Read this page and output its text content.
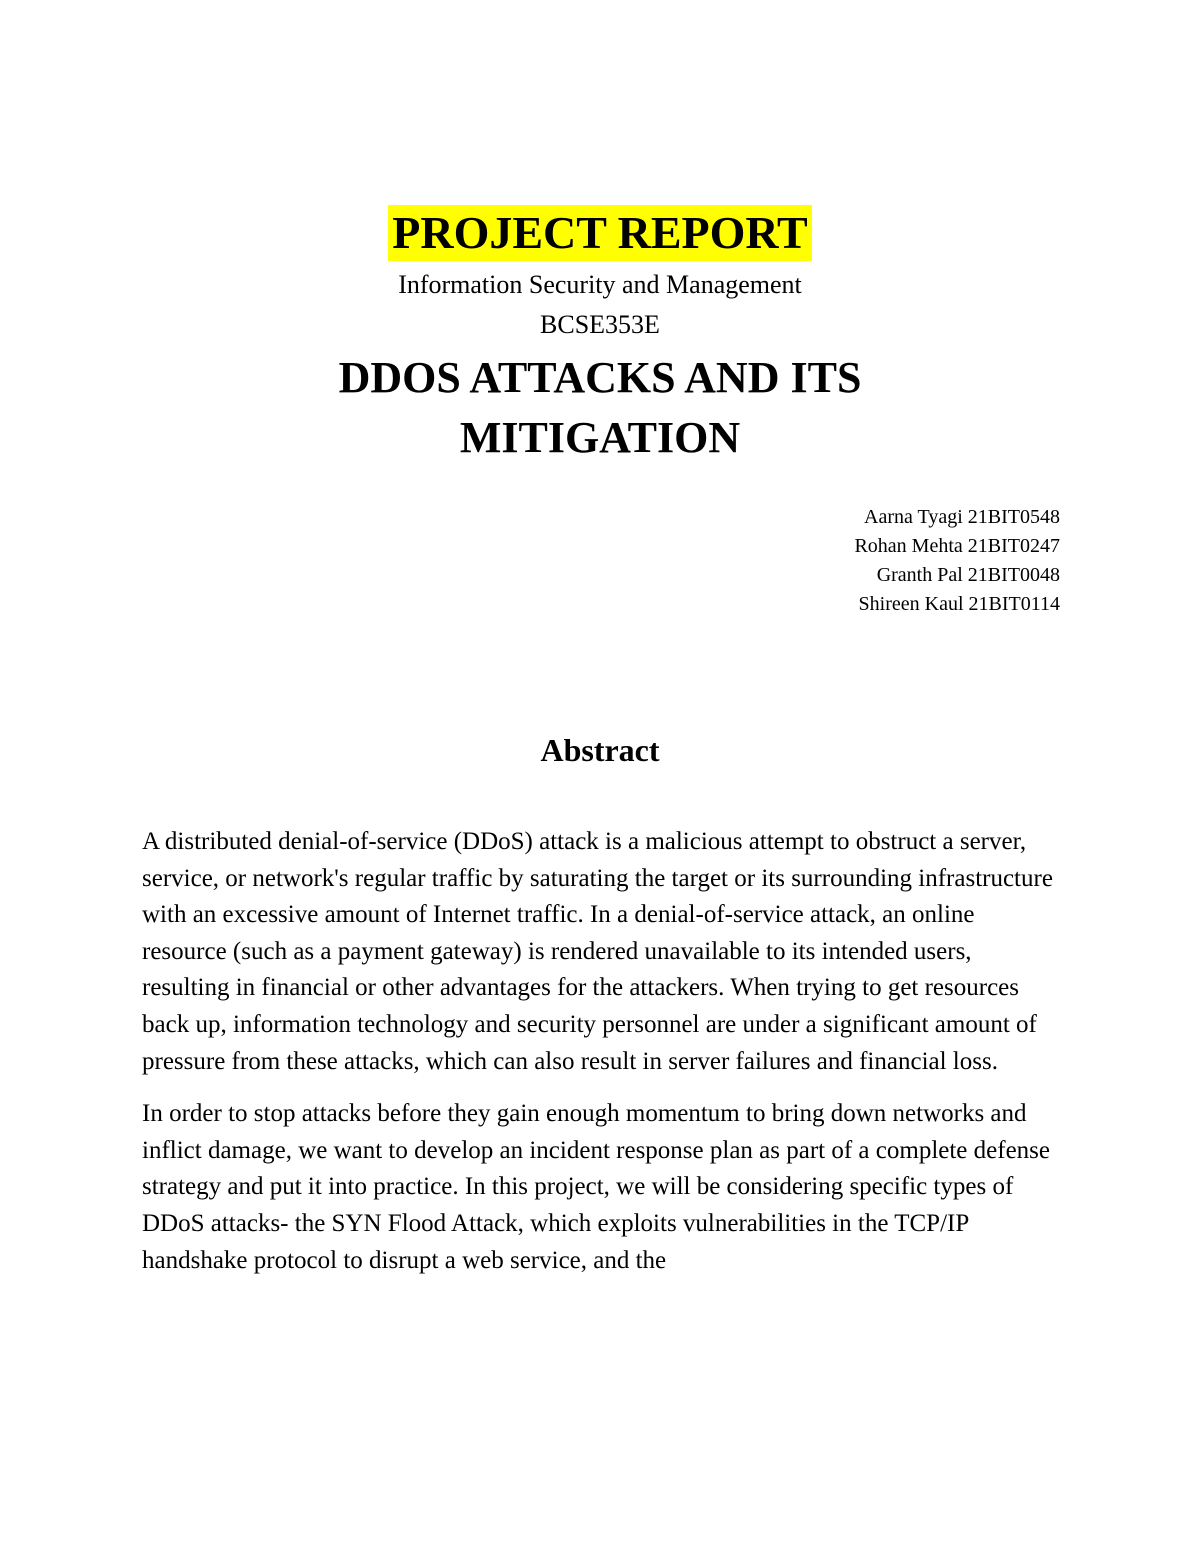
PROJECT REPORT
Information Security and Management
BCSE353E
DDOS ATTACKS AND ITS MITIGATION
Aarna Tyagi 21BIT0548
Rohan Mehta 21BIT0247
Granth Pal 21BIT0048
Shireen Kaul 21BIT0114
Abstract

A distributed denial-of-service (DDoS) attack is a malicious attempt to obstruct a server, service, or network's regular traffic by saturating the target or its surrounding infrastructure with an excessive amount of Internet traffic. In a denial-of-service attack, an online resource (such as a payment gateway) is rendered unavailable to its intended users, resulting in financial or other advantages for the attackers. When trying to get resources back up, information technology and security personnel are under a significant amount of pressure from these attacks, which can also result in server failures and financial loss.

In order to stop attacks before they gain enough momentum to bring down networks and inflict damage, we want to develop an incident response plan as part of a complete defense strategy and put it into practice. In this project, we will be considering specific types of DDoS attacks- the SYN Flood Attack, which exploits vulnerabilities in the TCP/IP handshake protocol to disrupt a web service, and the
